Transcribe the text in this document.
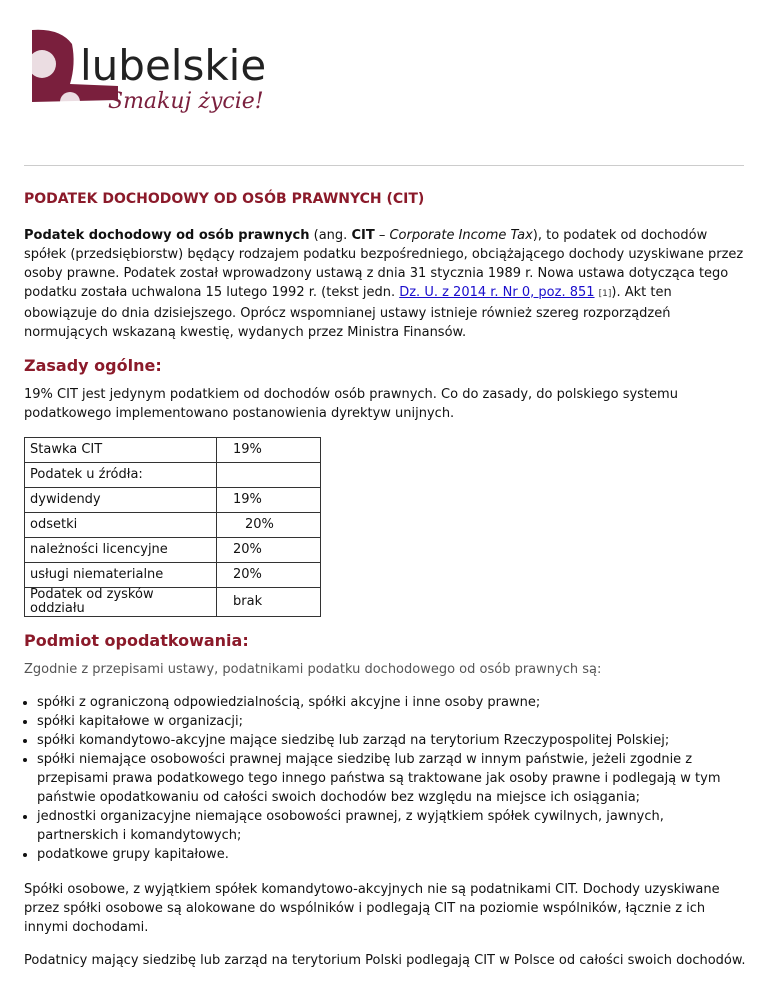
lubelskie
Smakuj życie!
PODATEK DOCHODOWY OD OSÓB PRAWNYCH (CIT)

Podatek dochodowy od osób prawnych (ang. CIT – Corporate Income Tax), to podatek od dochodów spółek (przedsiębiorstw) będący rodzajem podatku bezpośredniego, obciążającego dochody uzyskiwane przez osoby prawne. Podatek został wprowadzony ustawą z dnia 31 stycznia 1989 r. Nowa ustawa dotycząca tego podatku została uchwalona 15 lutego 1992 r. (tekst jedn. Dz. U. z 2014 r. Nr 0, poz. 851 [1]). Akt ten obowiązuje do dnia dzisiejszego. Oprócz wspomnianej ustawy istnieje również szereg rozporządzeń normujących wskazaną kwestię, wydanych przez Ministra Finansów.

Zasady ogólne:

19% CIT jest jedynym podatkiem od dochodów osób prawnych. Co do zasady, do polskiego systemu podatkowego implementowano postanowienia dyrektyw unijnych.

Stawka CIT	19%
Podatek u źródła:	
dywidendy	19%
odsetki	20%
należności licencyjne	20%
usługi niematerialne	20%
Podatek od zysków oddziału	brak
Podmiot opodatkowania:

Zgodnie z przepisami ustawy, podatnikami podatku dochodowego od osób prawnych są:

• spółki z ograniczoną odpowiedzialnością, spółki akcyjne i inne osoby prawne;
• spółki kapitałowe w organizacji;
• spółki komandytowo-akcyjne mające siedzibę lub zarząd na terytorium Rzeczypospolitej Polskiej;
• spółki niemające osobowości prawnej mające siedzibę lub zarząd w innym państwie, jeżeli zgodnie z przepisami prawa podatkowego tego innego państwa są traktowane jak osoby prawne i podlegają w tym państwie opodatkowaniu od całości swoich dochodów bez względu na miejsce ich osiągania;
• jednostki organizacyjne niemające osobowości prawnej, z wyjątkiem spółek cywilnych, jawnych, partnerskich i komandytowych;
• podatkowe grupy kapitałowe.

Spółki osobowe, z wyjątkiem spółek komandytowo-akcyjnych nie są podatnikami CIT. Dochody uzyskiwane przez spółki osobowe są alokowane do wspólników i podlegają CIT na poziomie wspólników, łącznie z ich innymi dochodami.

Podatnicy mający siedzibę lub zarząd na terytorium Polski podlegają CIT w Polsce od całości swoich dochodów.
